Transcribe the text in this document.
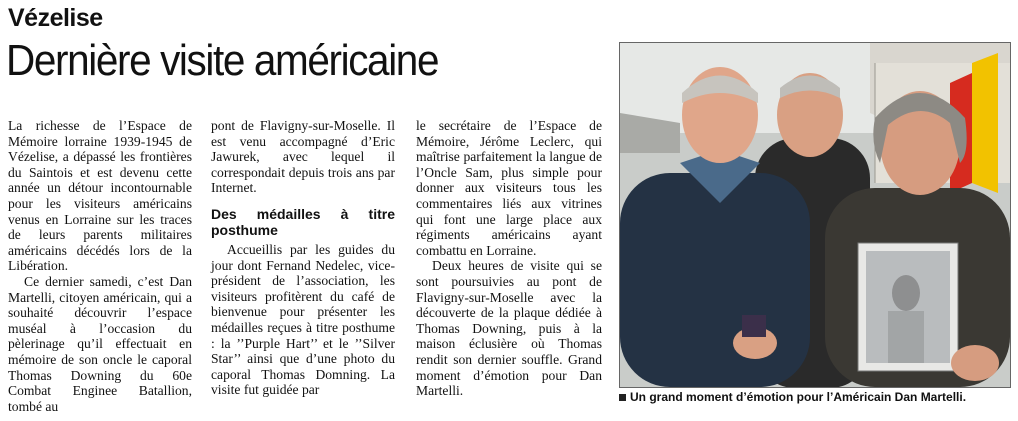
Vézelise
Dernière visite américaine

La richesse de l’Espace de Mémoire lorraine 1939-1945 de Vézelise, a dépassé les frontières du Saintois et est devenu cette année un détour incontournable pour les visiteurs américains venus en Lorraine sur les traces de leurs parents militaires américains décédés lors de la Libération.

Ce dernier samedi, c’est Dan Martelli, citoyen américain, qui a souhaité découvrir l’espace muséal à l’occasion du pèlerinage qu’il effectuait en mémoire de son oncle le caporal Thomas Downing du 60e Combat Enginee Batallion, tombé au

pont de Flavigny-sur-Moselle. Il est venu accompagné d’Eric Jawurek, avec lequel il correspondait depuis trois ans par Internet.

Des médailles à titre posthume

Accueillis par les guides du jour dont Fernand Nedelec, vice-président de l’association, les visiteurs profitèrent du café de bienvenue pour présenter les médailles reçues à titre posthume : la ’’Purple Hart’’ et le ’’Silver Star’’ ainsi que d’une photo du caporal Thomas Domning. La visite fut guidée par

le secrétaire de l’Espace de Mémoire, Jérôme Leclerc, qui maîtrise parfaitement la langue de l’Oncle Sam, plus simple pour donner aux visiteurs tous les commentaires liés aux vitrines qui font une large place aux régiments américains ayant combattu en Lorraine.

Deux heures de visite qui se sont poursuivies au pont de Flavigny-sur-Moselle avec la découverte de la plaque dédiée à Thomas Downing, puis à la maison éclusière où Thomas rendit son dernier souffle. Grand moment d’émotion pour Dan Martelli.	Un grand moment d’émotion pour l’Américain Dan Martelli.
